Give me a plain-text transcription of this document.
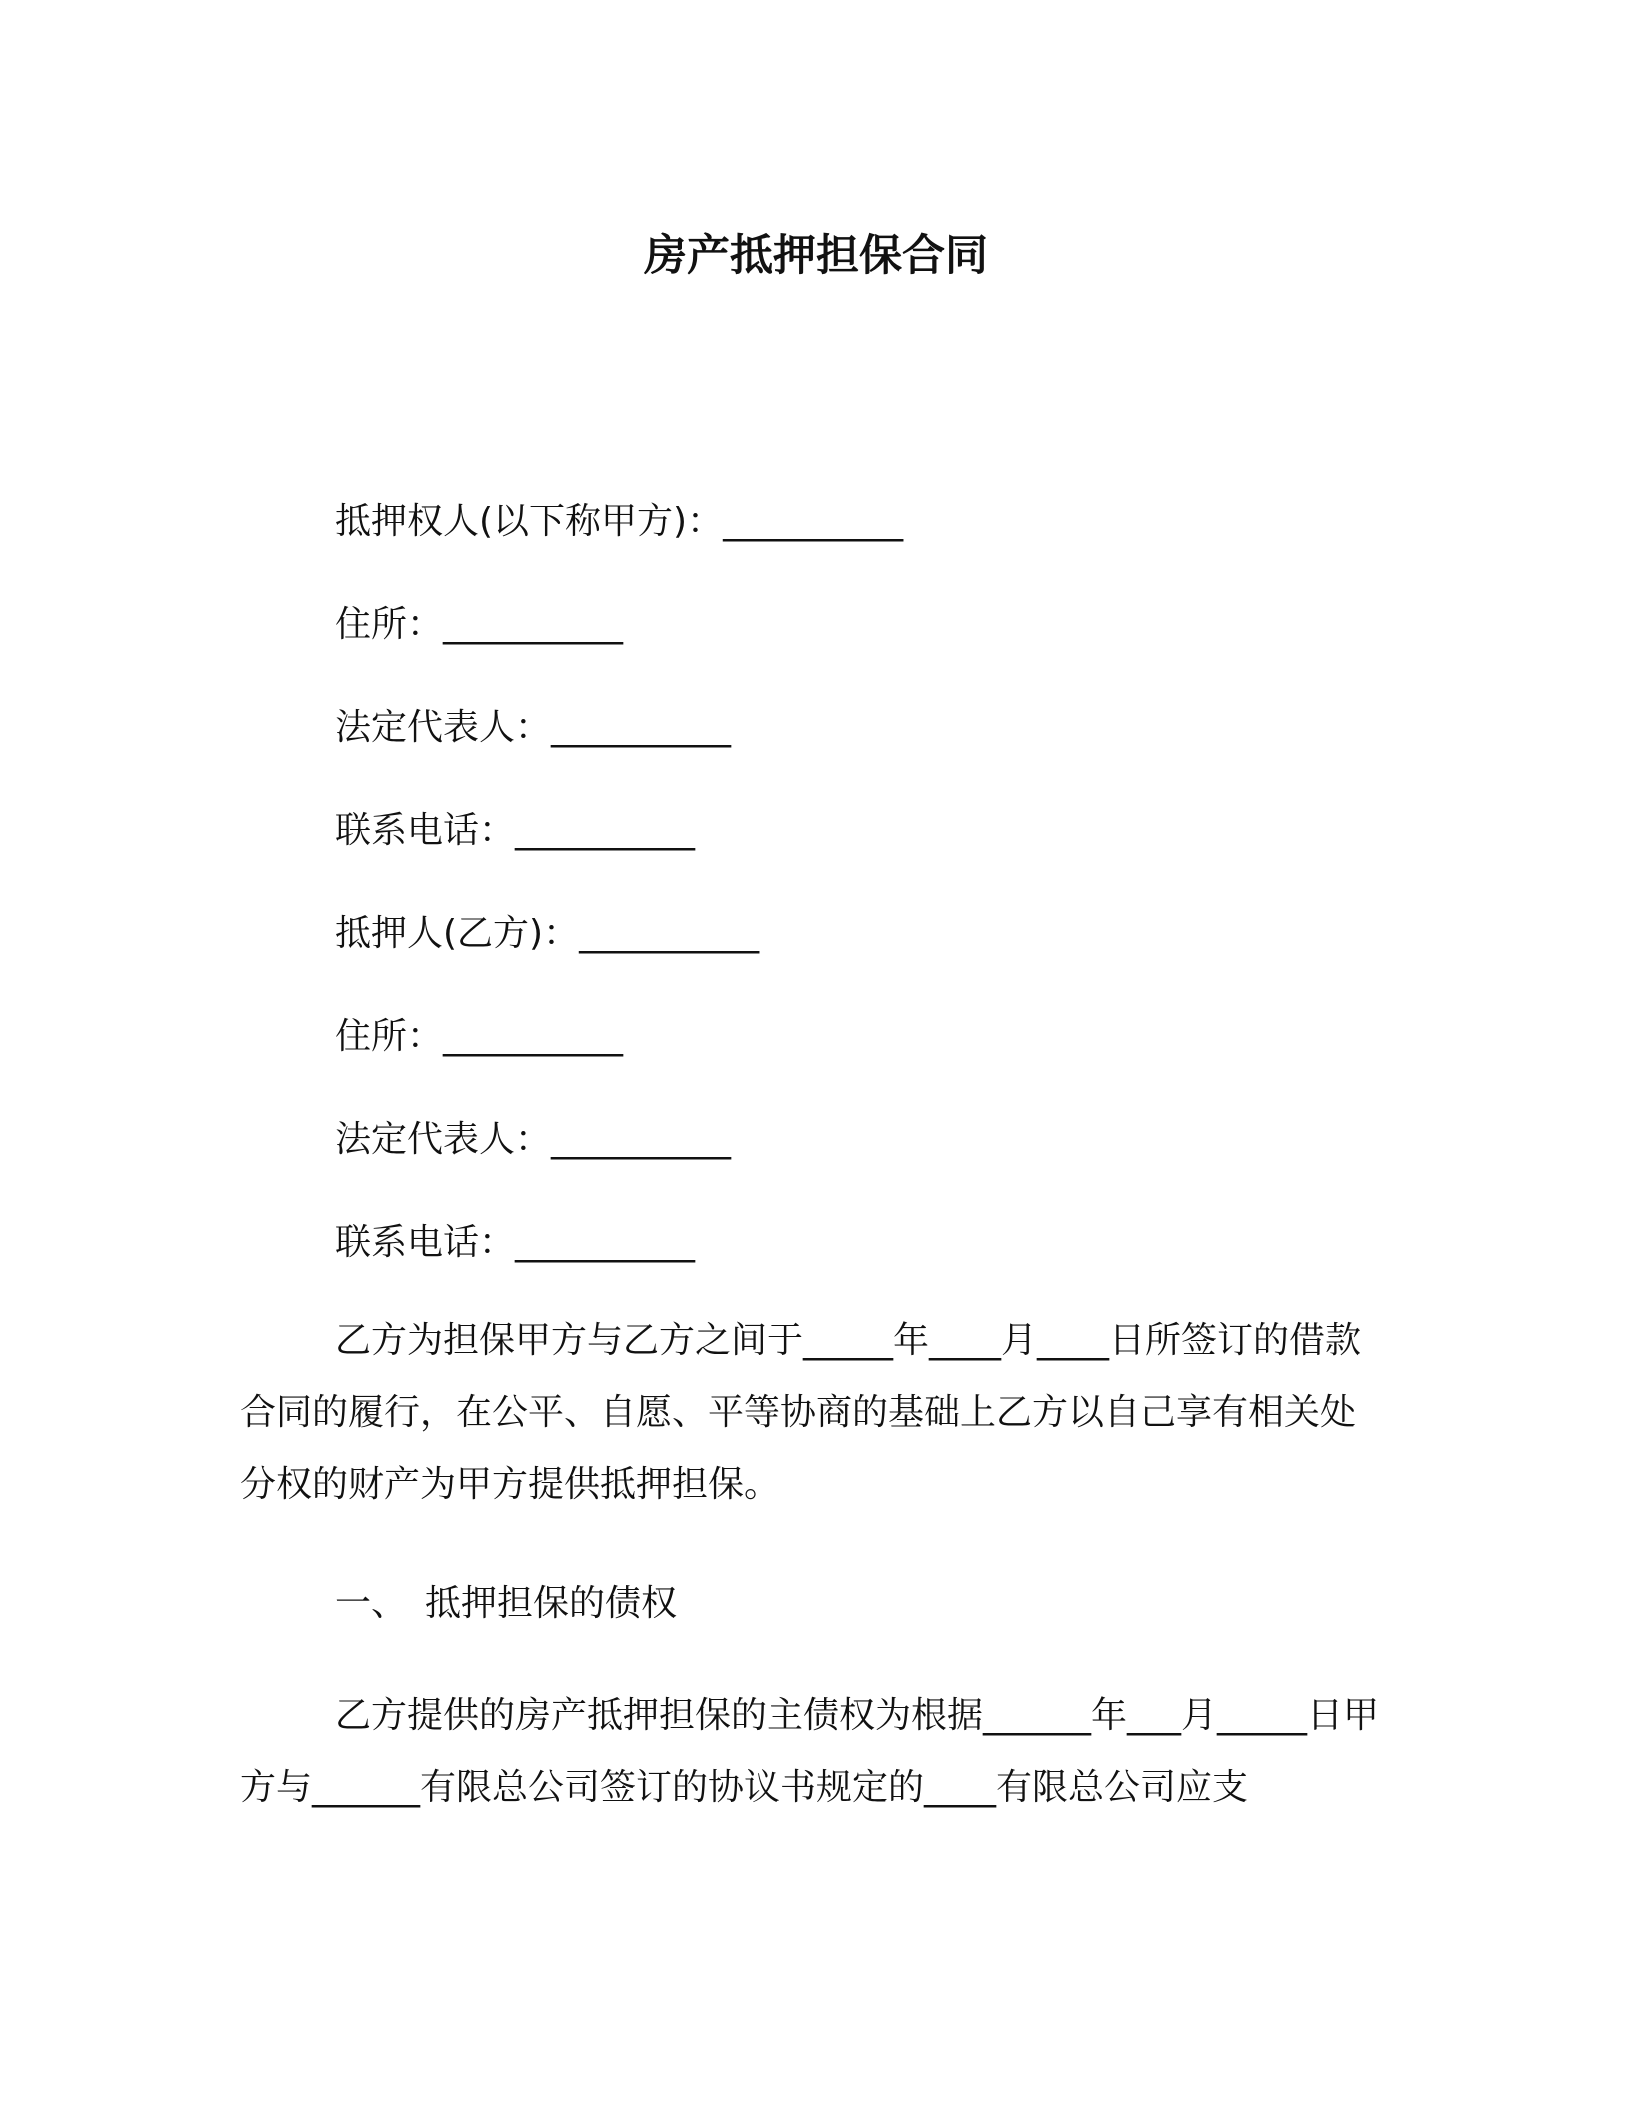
房产抵押担保合同
抵押权人(以下称甲方)：__________
住所：__________
法定代表人：__________
联系电话：__________
抵押人(乙方)：__________
住所：__________
法定代表人：__________
联系电话：__________

乙方为担保甲方与乙方之间于_____年____月____日所签订的借款合同的履行，在公平、自愿、平等协商的基础上乙方以自己享有相关处分权的财产为甲方提供抵押担保。

一、 抵押担保的债权

乙方提供的房产抵押担保的主债权为根据______年___月_____日甲方与______有限总公司签订的协议书规定的____有限总公司应支
